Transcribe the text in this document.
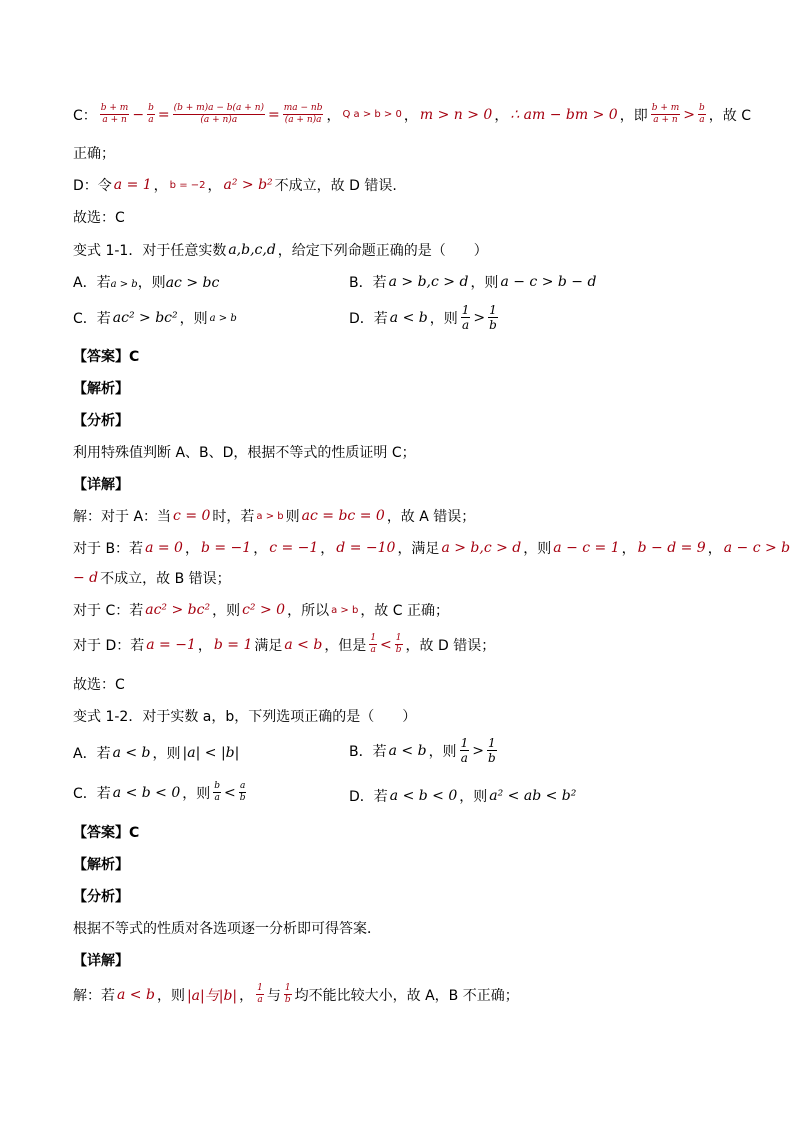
C： $\frac{b + m}{a + n} - \frac{b}{a} = \frac{(b + m)a - b(a + n)}{(a + n)a} = \frac{ma - nb}{(a + n)a}$ ， Q a > b > 0 ， m > n > 0 ， ∴ am − bm > 0 ，即 $\frac{b + m}{a + n} > \frac{b}{a}$ ，故 C
正确；
D：令 a = 1 ， b = −2 ， a² > b² 不成立，故 D 错误.
故选：C
变式 1-1．对于任意实数 a,b,c,d ，给定下列命题正确的是（　　）
A．若a > b，则ac > bc	B．若 a > b,c > d ，则 a − c > b − d
C．若 ac² > bc² ，则 a > b	D．若 a < b ，则 $\frac{1}{a} > \frac{1}{b}$
【答案】C
【解析】
【分析】
利用特殊值判断 A、B、D，根据不等式的性质证明 C；
【详解】
解：对于 A：当 c = 0 时，若 a > b 则 ac = bc = 0 ，故 A 错误；
对于 B：若 a = 0 ， b = −1 ， c = −1 ， d = −10 ，满足 a > b,c > d ，则 a − c = 1 ， b − d = 9 ， a − c > b
− d 不成立，故 B 错误；
对于 C：若 ac² > bc² ，则 c² > 0 ，所以 a > b ，故 C 正确；
对于 D：若 a = −1 ， b = 1 满足 a < b ，但是 $\frac{1}{a} < \frac{1}{b}$ ，故 D 错误；
故选：C
变式 1-2．对于实数 a，b，下列选项正确的是（　　）
A．若 a < b ，则 |a| < |b|	B．若 a < b ，则 $\frac{1}{a} > \frac{1}{b}$
C．若 a < b < 0 ，则 $\frac{b}{a} < \frac{a}{b}$	D．若 a < b < 0 ，则 a² < ab < b²
【答案】C
【解析】
【分析】
根据不等式的性质对各选项逐一分析即可得答案．
【详解】
解：若 a < b ，则 |a|与|b| ， $\frac{1}{a}$ 与 $\frac{1}{b}$ 均不能比较大小，故 A，B 不正确；
